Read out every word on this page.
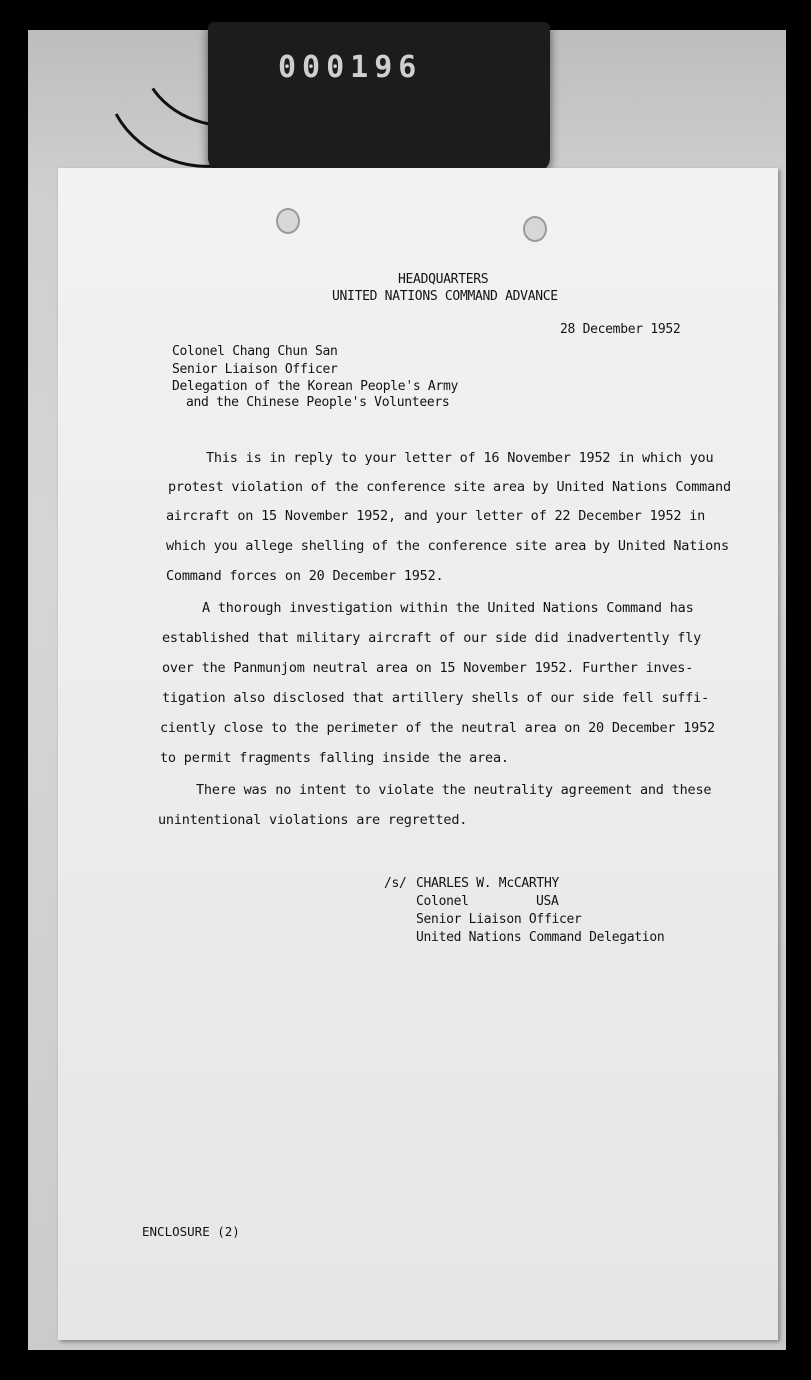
000196
HEADQUARTERS
UNITED NATIONS COMMAND ADVANCE
28 December 1952
Colonel Chang Chun San
Senior Liaison Officer
Delegation of the Korean People's Army
and the Chinese People's Volunteers
This is in reply to your letter of 16 November 1952 in which you
protest violation of the conference site area by United Nations Command
aircraft on 15 November 1952, and your letter of 22 December 1952 in
which you allege shelling of the conference site area by United Nations
Command forces on 20 December 1952.
A thorough investigation within the United Nations Command has
established that military aircraft of our side did inadvertently fly
over the Panmunjom neutral area on 15 November 1952. Further inves-
tigation also disclosed that artillery shells of our side fell suffi-
ciently close to the perimeter of the neutral area on 20 December 1952
to permit fragments falling inside the area.
There was no intent to violate the neutrality agreement and these
unintentional violations are regretted.
/s/ CHARLES W. McCARTHY
Colonel	USA
Senior Liaison Officer
United Nations Command Delegation
ENCLOSURE (2)
